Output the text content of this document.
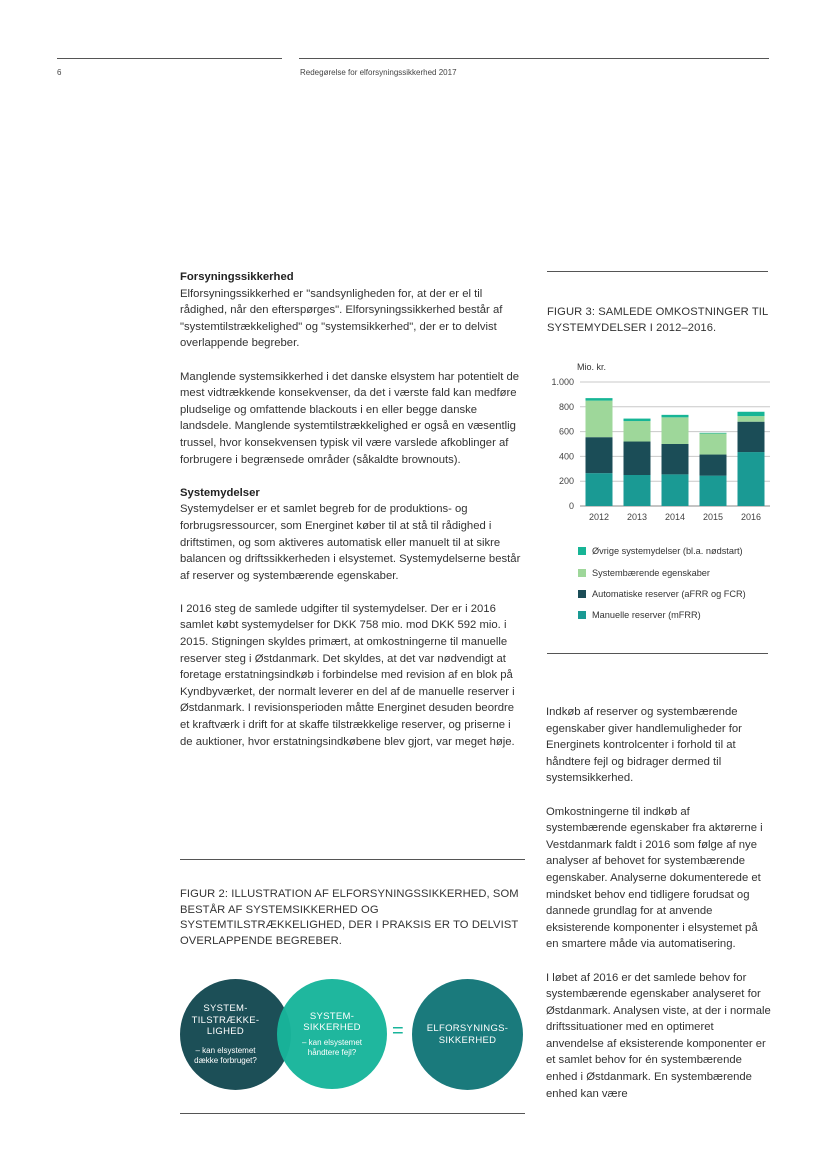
6	Redegørelse for elforsyningssikkerhed 2017
Forsyningssikkerhed

Elforsyningssikkerhed er "sandsynligheden for, at der er el til rådighed, når den efterspørges". Elforsyningssikkerhed består af "systemtilstrækkelighed" og "systemsikkerhed", der er to delvist overlappende begreber.

Manglende systemsikkerhed i det danske elsystem har potentielt de mest vidtrækkende konsekvenser, da det i værste fald kan medføre pludselige og omfattende blackouts i en eller begge danske landsdele. Manglende systemtilstrækkelighed er også en væsentlig trussel, hvor konsekvensen typisk vil være varslede afkoblinger af forbrugere i begrænsede områder (såkaldte brownouts).

Systemydelser

Systemydelser er et samlet begreb for de produktions- og forbrugsressourcer, som Energinet køber til at stå til rådighed i driftstimen, og som aktiveres automatisk eller manuelt til at sikre balancen og driftssikkerheden i elsystemet. Systemydelserne består af reserver og systembærende egenskaber.

I 2016 steg de samlede udgifter til systemydelser. Der er i 2016 samlet købt systemydelser for DKK 758 mio. mod DKK 592 mio. i 2015. Stigningen skyldes primært, at omkostningerne til manuelle reserver steg i Østdanmark. Det skyldes, at det var nødvendigt at foretage erstatningsindkøb i forbindelse med revision af en blok på Kyndbyværket, der normalt leverer en del af de manuelle reserver i Østdanmark. I revisionsperioden måtte Energinet desuden beordre et kraftværk i drift for at skaffe tilstrækkelige reserver, og priserne i de auktioner, hvor erstatningsindkøbene blev gjort, var meget høje.

FIGUR 2: ILLUSTRATION AF ELFORSYNINGSSIKKERHED, SOM BESTÅR AF SYSTEMSIKKERHED OG SYSTEMTILSTRÆKKELIGHED, DER I PRAKSIS ER TO DELVIST OVERLAPPENDE BEGREBER.
SYSTEM-
TILSTRÆKKE-
LIGHED
– kan elsystemet
dække forbruget?
SYSTEM-
SIKKERHED
– kan elsystemet
håndtere fejl?
= ELFORSYNINGS-
SIKKERHED
FIGUR 3: SAMLEDE OMKOSTNINGER TIL SYSTEMYDELSER I 2012–2016.
Mio. kr.
0
200
400
600
800
1.000
2012 2013 2014 2015 2016
Øvrige systemydelser (bl.a. nødstart)
Systembærende egenskaber
Automatiske reserver (aFRR og FCR)
Manuelle reserver (mFRR)

Indkøb af reserver og systembærende egenskaber giver handlemuligheder for Energinets kontrolcenter i forhold til at håndtere fejl og bidrager dermed til systemsikkerhed.

Omkostningerne til indkøb af systembærende egenskaber fra aktørerne i Vestdanmark faldt i 2016 som følge af nye analyser af behovet for systembærende egenskaber. Analyserne dokumenterede et mindsket behov end tidligere forudsat og dannede grundlag for at anvende eksisterende komponenter i elsystemet på en smartere måde via automatisering.

I løbet af 2016 er det samlede behov for systembærende egenskaber analyseret for Østdanmark. Analysen viste, at der i normale driftssituationer med en optimeret anvendelse af eksisterende komponenter er et samlet behov for én systembærende enhed i Østdanmark. En systembærende enhed kan være
